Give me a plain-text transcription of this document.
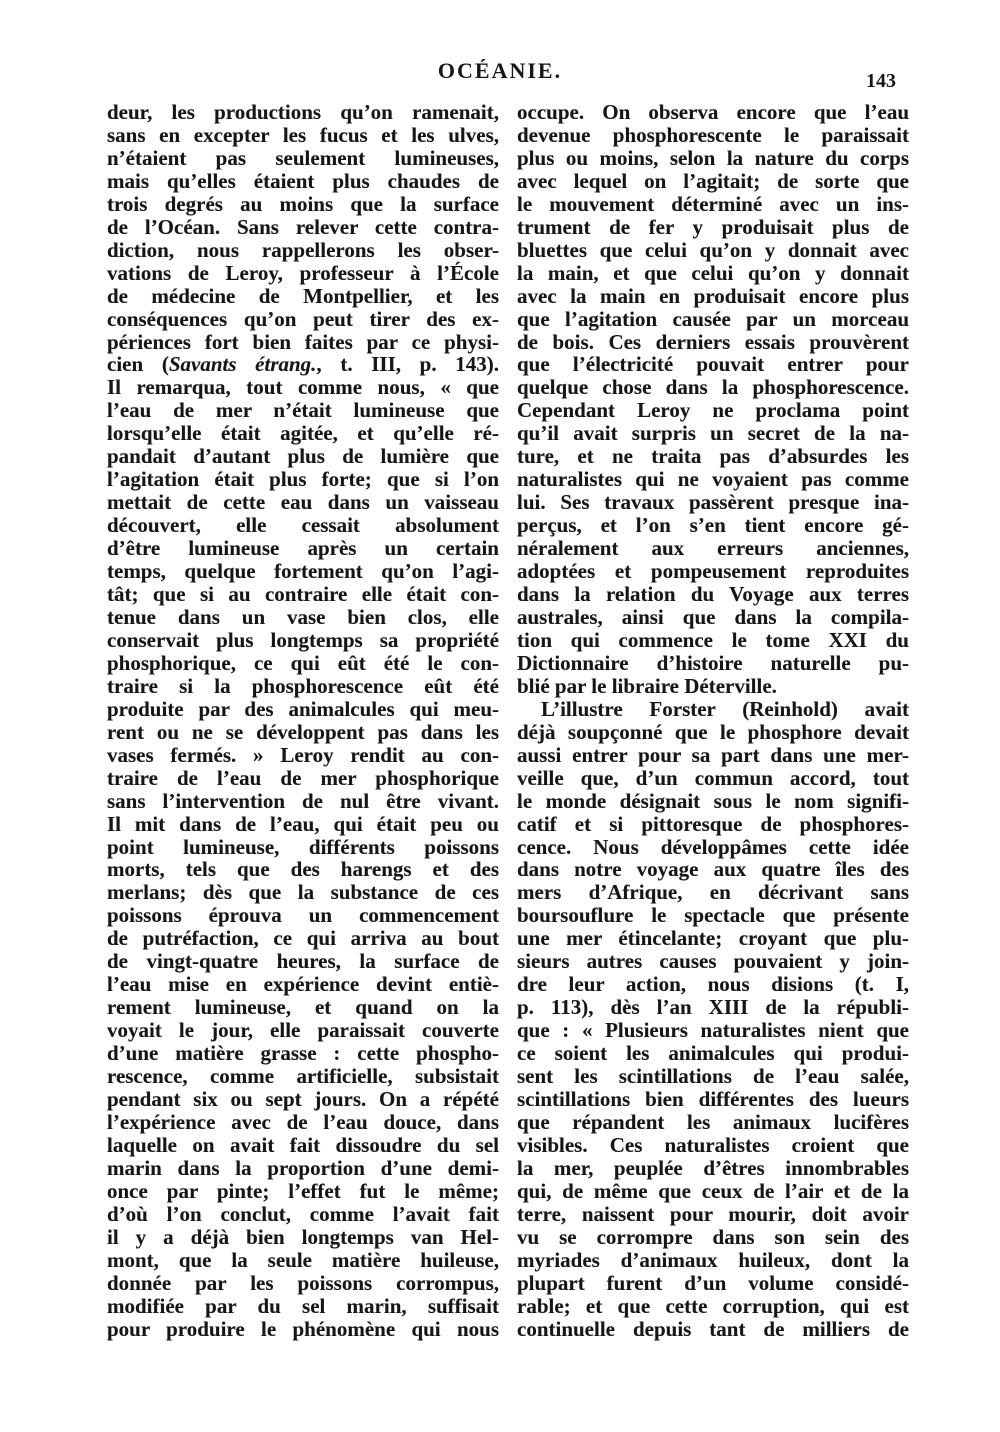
OCÉANIE.	143
deur, les productions qu’on ramenait,
sans en excepter les fucus et les ulves,
n’étaient pas seulement lumineuses,
mais qu’elles étaient plus chaudes de
trois degrés au moins que la surface
de l’Océan. Sans relever cette contra-
diction, nous rappellerons les obser-
vations de Leroy, professeur à l’École
de médecine de Montpellier, et les
conséquences qu’on peut tirer des ex-
périences fort bien faites par ce physi-
cien (Savants étrang., t. III, p. 143).
Il remarqua, tout comme nous, « que
l’eau de mer n’était lumineuse que
lorsqu’elle était agitée, et qu’elle ré-
pandait d’autant plus de lumière que
l’agitation était plus forte; que si l’on
mettait de cette eau dans un vaisseau
découvert, elle cessait absolument
d’être lumineuse après un certain
temps, quelque fortement qu’on l’agi-
tât; que si au contraire elle était con-
tenue dans un vase bien clos, elle
conservait plus longtemps sa propriété
phosphorique, ce qui eût été le con-
traire si la phosphorescence eût été
produite par des animalcules qui meu-
rent ou ne se développent pas dans les
vases fermés. » Leroy rendit au con-
traire de l’eau de mer phosphorique
sans l’intervention de nul être vivant.
Il mit dans de l’eau, qui était peu ou
point lumineuse, différents poissons
morts, tels que des harengs et des
merlans; dès que la substance de ces
poissons éprouva un commencement
de putréfaction, ce qui arriva au bout
de vingt-quatre heures, la surface de
l’eau mise en expérience devint entiè-
rement lumineuse, et quand on la
voyait le jour, elle paraissait couverte
d’une matière grasse : cette phospho-
rescence, comme artificielle, subsistait
pendant six ou sept jours. On a répété
l’expérience avec de l’eau douce, dans
laquelle on avait fait dissoudre du sel
marin dans la proportion d’une demi-
once par pinte; l’effet fut le même;
d’où l’on conclut, comme l’avait fait
il y a déjà bien longtemps van Hel-
mont, que la seule matière huileuse,
donnée par les poissons corrompus,
modifiée par du sel marin, suffisait
pour produire le phénomène qui nous
occupe. On observa encore que l’eau
devenue phosphorescente le paraissait
plus ou moins, selon la nature du corps
avec lequel on l’agitait; de sorte que
le mouvement déterminé avec un ins-
trument de fer y produisait plus de
bluettes que celui qu’on y donnait avec
la main, et que celui qu’on y donnait
avec la main en produisait encore plus
que l’agitation causée par un morceau
de bois. Ces derniers essais prouvèrent
que l’électricité pouvait entrer pour
quelque chose dans la phosphorescence.
Cependant Leroy ne proclama point
qu’il avait surpris un secret de la na-
ture, et ne traita pas d’absurdes les
naturalistes qui ne voyaient pas comme
lui. Ses travaux passèrent presque ina-
perçus, et l’on s’en tient encore gé-
néralement aux erreurs anciennes,
adoptées et pompeusement reproduites
dans la relation du Voyage aux terres
australes, ainsi que dans la compila-
tion qui commence le tome XXI du
Dictionnaire d’histoire naturelle pu-
blié par le libraire Déterville.
L’illustre Forster (Reinhold) avait
déjà soupçonné que le phosphore devait
aussi entrer pour sa part dans une mer-
veille que, d’un commun accord, tout
le monde désignait sous le nom signifi-
catif et si pittoresque de phosphores-
cence. Nous développâmes cette idée
dans notre voyage aux quatre îles des
mers d’Afrique, en décrivant sans
boursouflure le spectacle que présente
une mer étincelante; croyant que plu-
sieurs autres causes pouvaient y join-
dre leur action, nous disions (t. I,
p. 113), dès l’an XIII de la républi-
que : « Plusieurs naturalistes nient que
ce soient les animalcules qui produi-
sent les scintillations de l’eau salée,
scintillations bien différentes des lueurs
que répandent les animaux lucifères
visibles. Ces naturalistes croient que
la mer, peuplée d’êtres innombrables
qui, de même que ceux de l’air et de la
terre, naissent pour mourir, doit avoir
vu se corrompre dans son sein des
myriades d’animaux huileux, dont la
plupart furent d’un volume considé-
rable; et que cette corruption, qui est
continuelle depuis tant de milliers de
